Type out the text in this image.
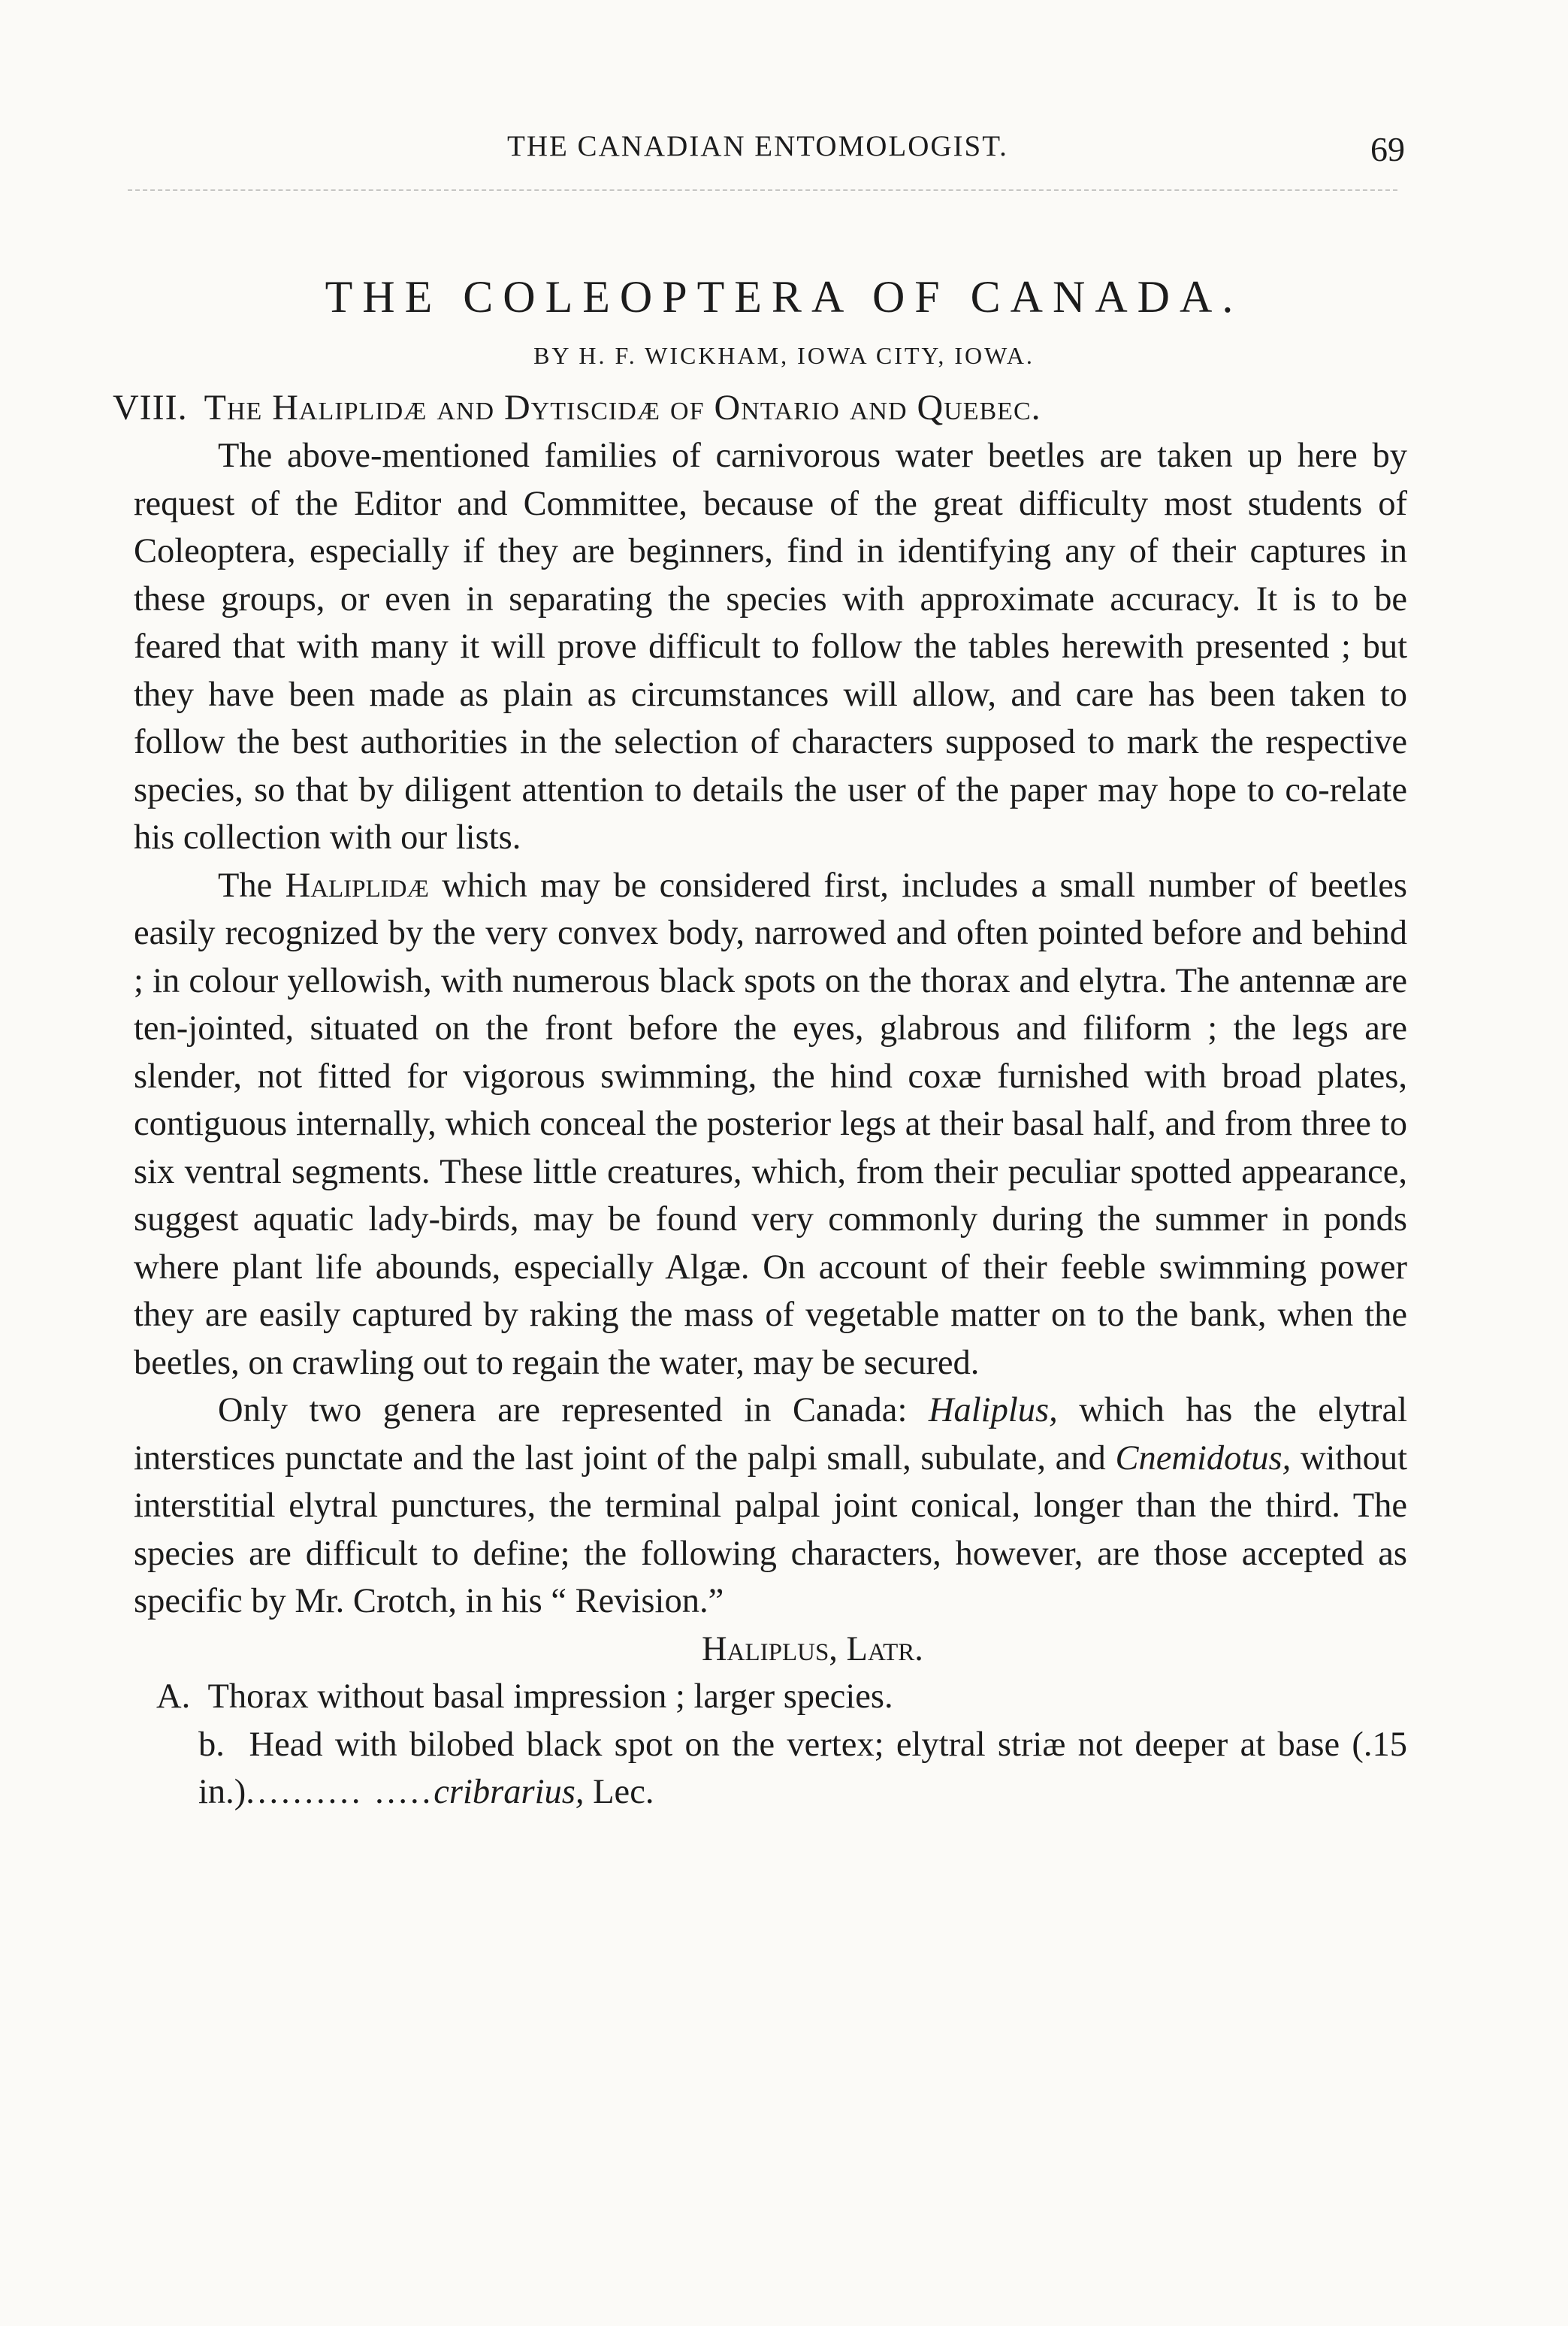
THE CANADIAN ENTOMOLOGIST.	69
THE COLEOPTERA OF CANADA.
BY H. F. WICKHAM, IOWA CITY, IOWA.
VIII. The Haliplidæ and Dytiscidæ of Ontario and Quebec.

The above-mentioned families of carnivorous water beetles are taken up here by request of the Editor and Committee, because of the great difficulty most students of Coleoptera, especially if they are beginners, find in identifying any of their captures in these groups, or even in separating the species with approximate accuracy. It is to be feared that with many it will prove difficult to follow the tables herewith presented ; but they have been made as plain as circumstances will allow, and care has been taken to follow the best authorities in the selection of characters supposed to mark the respective species, so that by diligent attention to details the user of the paper may hope to co-relate his collection with our lists.

The Haliplidæ which may be considered first, includes a small number of beetles easily recognized by the very convex body, narrowed and often pointed before and behind ; in colour yellowish, with numerous black spots on the thorax and elytra. The antennæ are ten-jointed, situated on the front before the eyes, glabrous and filiform ; the legs are slender, not fitted for vigorous swimming, the hind coxæ furnished with broad plates, contiguous internally, which conceal the posterior legs at their basal half, and from three to six ventral segments. These little creatures, which, from their peculiar spotted appearance, suggest aquatic lady-birds, may be found very commonly during the summer in ponds where plant life abounds, especially Algæ. On account of their feeble swimming power they are easily captured by raking the mass of vegetable matter on to the bank, when the beetles, on crawling out to regain the water, may be secured.

Only two genera are represented in Canada: Haliplus, which has the elytral interstices punctate and the last joint of the palpi small, subulate, and Cnemidotus, without interstitial elytral punctures, the terminal palpal joint conical, longer than the third. The species are difficult to define; the following characters, however, are those accepted as specific by Mr. Crotch, in his “ Revision.”

Haliplus, Latr.

A. Thorax without basal impression ; larger species.

b. Head with bilobed black spot on the vertex; elytral striæ not deeper at base (.15 in.).......... .....cribrarius, Lec.
